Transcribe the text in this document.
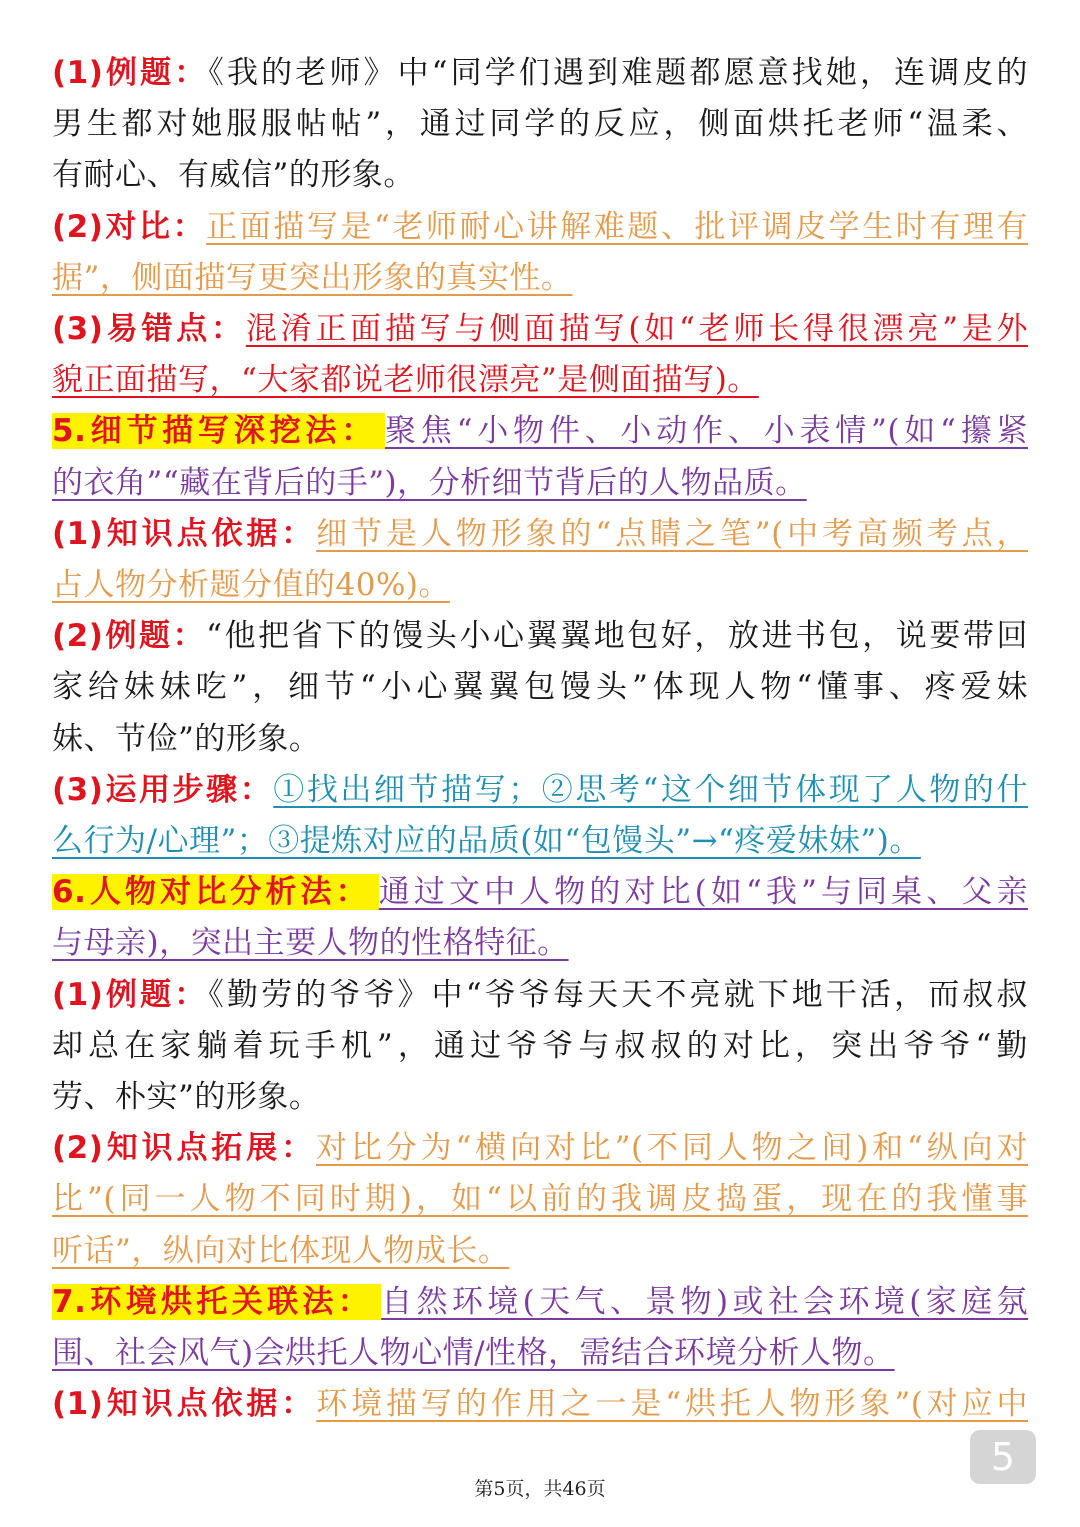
(1)例题：《我的老师》中“同学们遇到难题都愿意找她，连调皮的

男生都对她服服帖帖”，通过同学的反应，侧面烘托老师“温柔、

有耐心、有威信”的形象。

(2)对比：正面描写是“老师耐心讲解难题、批评调皮学生时有理有

据”，侧面描写更突出形象的真实性。

(3)易错点：混淆正面描写与侧面描写(如“老师长得很漂亮”是外

貌正面描写，“大家都说老师很漂亮”是侧面描写)。

5.细节描写深挖法： 聚焦“小物件、小动作、小表情”(如“攥紧

的衣角”“藏在背后的手”)，分析细节背后的人物品质。

(1)知识点依据：细节是人物形象的“点睛之笔”(中考高频考点，

占人物分析题分值的40%)。

(2)例题：“他把省下的馒头小心翼翼地包好，放进书包，说要带回

家给妹妹吃”，细节“小心翼翼包馒头”体现人物“懂事、疼爱妹

妹、节俭”的形象。

(3)运用步骤：①找出细节描写；②思考“这个细节体现了人物的什

么行为/心理”；③提炼对应的品质(如“包馒头”→“疼爱妹妹”)。

6.人物对比分析法： 通过文中人物的对比(如“我”与同桌、父亲

与母亲)，突出主要人物的性格特征。

(1)例题：《勤劳的爷爷》中“爷爷每天天不亮就下地干活，而叔叔

却总在家躺着玩手机”，通过爷爷与叔叔的对比，突出爷爷“勤

劳、朴实”的形象。

(2)知识点拓展：对比分为“横向对比”(不同人物之间)和“纵向对

比”(同一人物不同时期)，如“以前的我调皮捣蛋，现在的我懂事

听话”，纵向对比体现人物成长。

7.环境烘托关联法： 自然环境(天气、景物)或社会环境(家庭氛

围、社会风气)会烘托人物心情/性格，需结合环境分析人物。

(1)知识点依据：环境描写的作用之一是“烘托人物形象”(对应中

5
第5页，共46页
